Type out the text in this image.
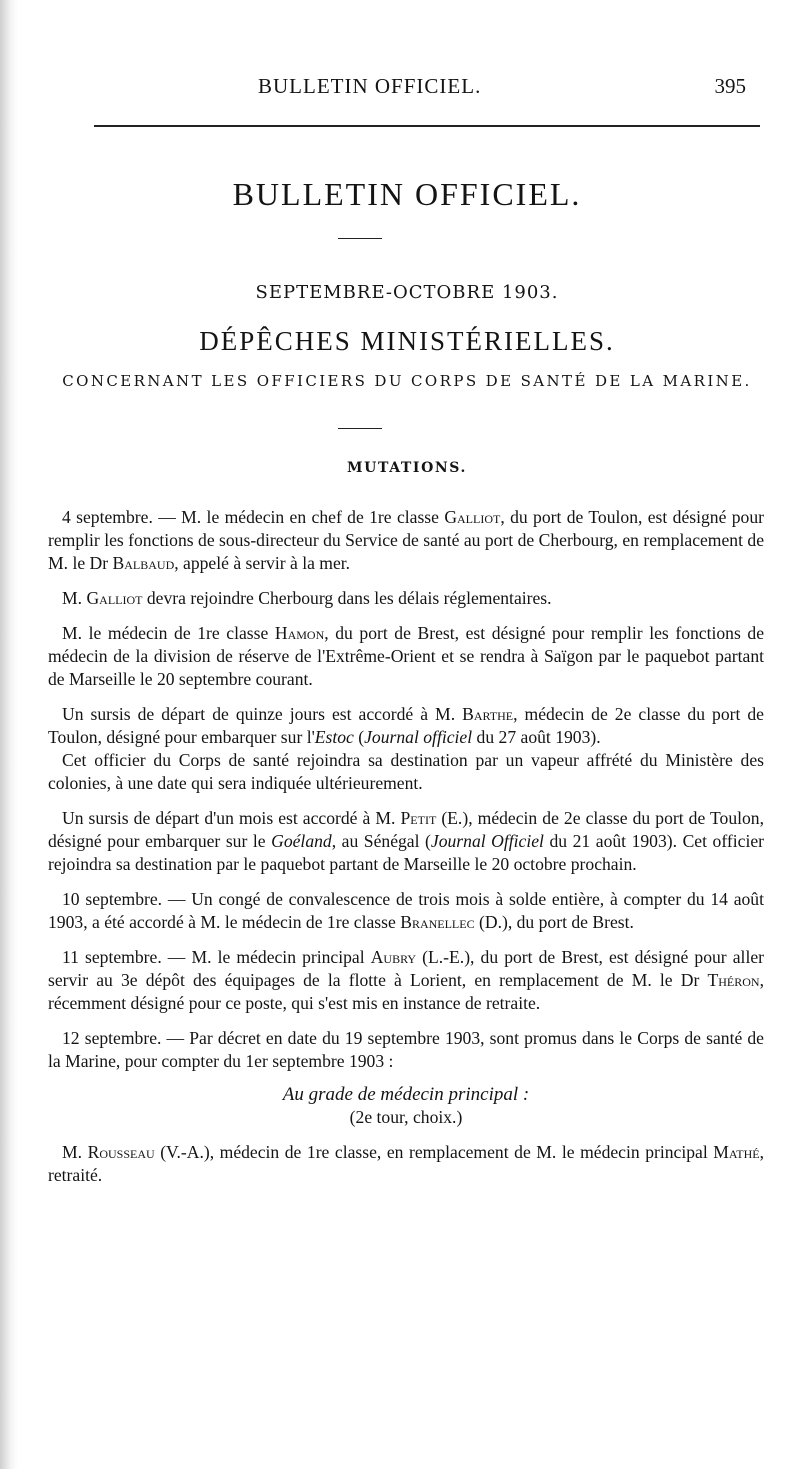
BULLETIN OFFICIEL.	395
BULLETIN OFFICIEL.
SEPTEMBRE-OCTOBRE 1903.
DÉPÊCHES MINISTÉRIELLES.
CONCERNANT LES OFFICIERS DU CORPS DE SANTÉ DE LA MARINE.
MUTATIONS.

4 septembre. — M. le médecin en chef de 1re classe Galliot, du port de Toulon, est désigné pour remplir les fonctions de sous-directeur du Service de santé au port de Cherbourg, en remplacement de M. le Dr Balbaud, appelé à servir à la mer.

M. Galliot devra rejoindre Cherbourg dans les délais réglementaires.

M. le médecin de 1re classe Hamon, du port de Brest, est désigné pour remplir les fonctions de médecin de la division de réserve de l'Extrême-Orient et se rendra à Saïgon par le paquebot partant de Marseille le 20 septembre courant.

Un sursis de départ de quinze jours est accordé à M. Barthe, médecin de 2e classe du port de Toulon, désigné pour embarquer sur l'Estoc (Journal officiel du 27 août 1903).

Cet officier du Corps de santé rejoindra sa destination par un vapeur affrété du Ministère des colonies, à une date qui sera indiquée ultérieurement.

Un sursis de départ d'un mois est accordé à M. Petit (E.), médecin de 2e classe du port de Toulon, désigné pour embarquer sur le Goéland, au Sénégal (Journal Officiel du 21 août 1903). Cet officier rejoindra sa destination par le paquebot partant de Marseille le 20 octobre prochain.

10 septembre. — Un congé de convalescence de trois mois à solde entière, à compter du 14 août 1903, a été accordé à M. le médecin de 1re classe Branellec (D.), du port de Brest.

11 septembre. — M. le médecin principal Aubry (L.-E.), du port de Brest, est désigné pour aller servir au 3e dépôt des équipages de la flotte à Lorient, en remplacement de M. le Dr Théron, récemment désigné pour ce poste, qui s'est mis en instance de retraite.

12 septembre. — Par décret en date du 19 septembre 1903, sont promus dans le Corps de santé de la Marine, pour compter du 1er septembre 1903 :

Au grade de médecin principal :

(2e tour, choix.)

M. Rousseau (V.-A.), médecin de 1re classe, en remplacement de M. le médecin principal Mathé, retraité.
